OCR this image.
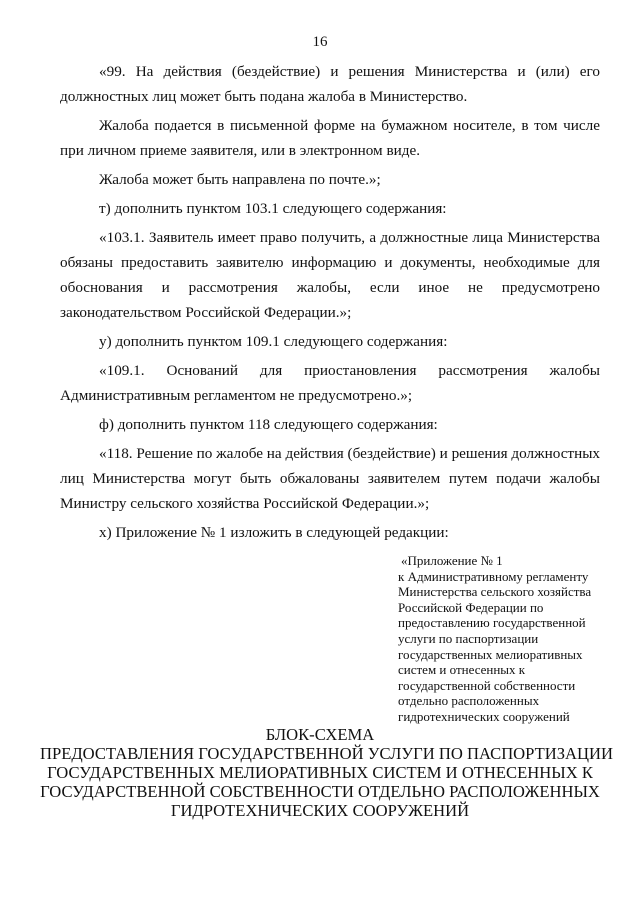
16

«99. На действия (бездействие) и решения Министерства и (или) его должностных лиц может быть подана жалоба в Министерство.

Жалоба подается в письменной форме на бумажном носителе, в том числе при личном приеме заявителя, или в электронном виде.

Жалоба может быть направлена по почте.»;

т) дополнить пунктом 103.1 следующего содержания:

«103.1. Заявитель имеет право получить, а должностные лица Министерства обязаны предоставить заявителю информацию и документы, необходимые для обоснования и рассмотрения жалобы, если иное не предусмотрено законодательством Российской Федерации.»;

у) дополнить пунктом 109.1 следующего содержания:

«109.1. Оснований для приостановления рассмотрения жалобы Административным регламентом не предусмотрено.»;

ф) дополнить пунктом 118 следующего содержания:

«118. Решение по жалобе на действия (бездействие) и решения должностных лиц Министерства могут быть обжалованы заявителем путем подачи жалобы Министру сельского хозяйства Российской Федерации.»;

х) Приложение № 1 изложить в следующей редакции:

«Приложение № 1
к Административному регламенту
Министерства сельского хозяйства
Российской Федерации по
предоставлению государственной
услуги по паспортизации
государственных мелиоративных
систем и отнесенных к
государственной собственности
отдельно расположенных
гидротехнических сооружений
БЛОК-СХЕМА
ПРЕДОСТАВЛЕНИЯ ГОСУДАРСТВЕННОЙ УСЛУГИ ПО ПАСПОРТИЗАЦИИ
ГОСУДАРСТВЕННЫХ МЕЛИОРАТИВНЫХ СИСТЕМ И ОТНЕСЕННЫХ К
ГОСУДАРСТВЕННОЙ СОБСТВЕННОСТИ ОТДЕЛЬНО РАСПОЛОЖЕННЫХ
ГИДРОТЕХНИЧЕСКИХ СООРУЖЕНИЙ
